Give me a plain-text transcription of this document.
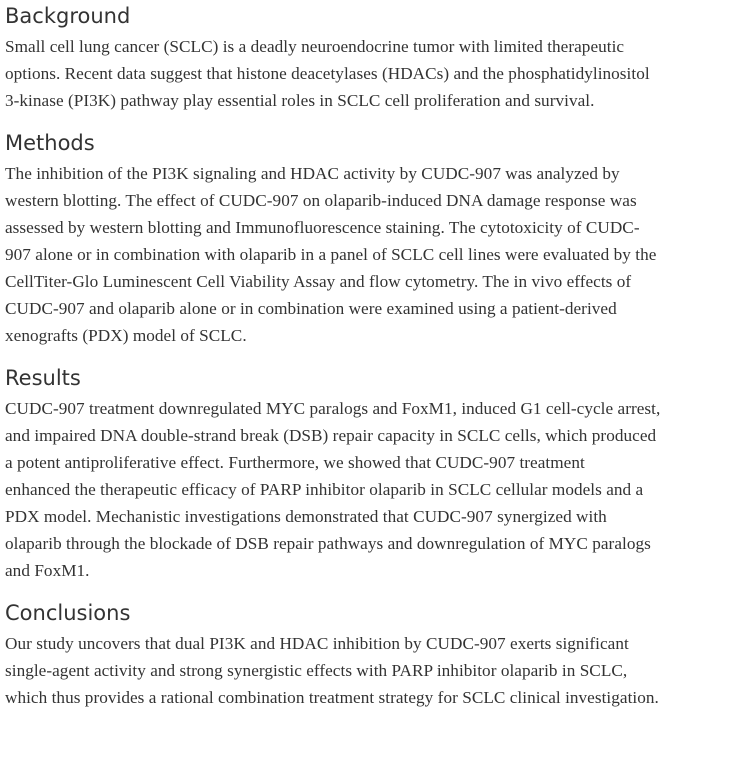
Background

Small cell lung cancer (SCLC) is a deadly neuroendocrine tumor with limited therapeutic
options. Recent data suggest that histone deacetylases (HDACs) and the phosphatidylinositol
3-kinase (PI3K) pathway play essential roles in SCLC cell proliferation and survival.

Methods

The inhibition of the PI3K signaling and HDAC activity by CUDC-907 was analyzed by
western blotting. The effect of CUDC-907 on olaparib-induced DNA damage response was
assessed by western blotting and Immunofluorescence staining. The cytotoxicity of CUDC-
907 alone or in combination with olaparib in a panel of SCLC cell lines were evaluated by the
CellTiter-Glo Luminescent Cell Viability Assay and flow cytometry. The in vivo effects of
CUDC-907 and olaparib alone or in combination were examined using a patient-derived
xenografts (PDX) model of SCLC.

Results

CUDC-907 treatment downregulated MYC paralogs and FoxM1, induced G1 cell-cycle arrest,
and impaired DNA double-strand break (DSB) repair capacity in SCLC cells, which produced
a potent antiproliferative effect. Furthermore, we showed that CUDC-907 treatment
enhanced the therapeutic efficacy of PARP inhibitor olaparib in SCLC cellular models and a
PDX model. Mechanistic investigations demonstrated that CUDC-907 synergized with
olaparib through the blockade of DSB repair pathways and downregulation of MYC paralogs
and FoxM1.

Conclusions

Our study uncovers that dual PI3K and HDAC inhibition by CUDC-907 exerts significant
single-agent activity and strong synergistic effects with PARP inhibitor olaparib in SCLC,
which thus provides a rational combination treatment strategy for SCLC clinical investigation.
